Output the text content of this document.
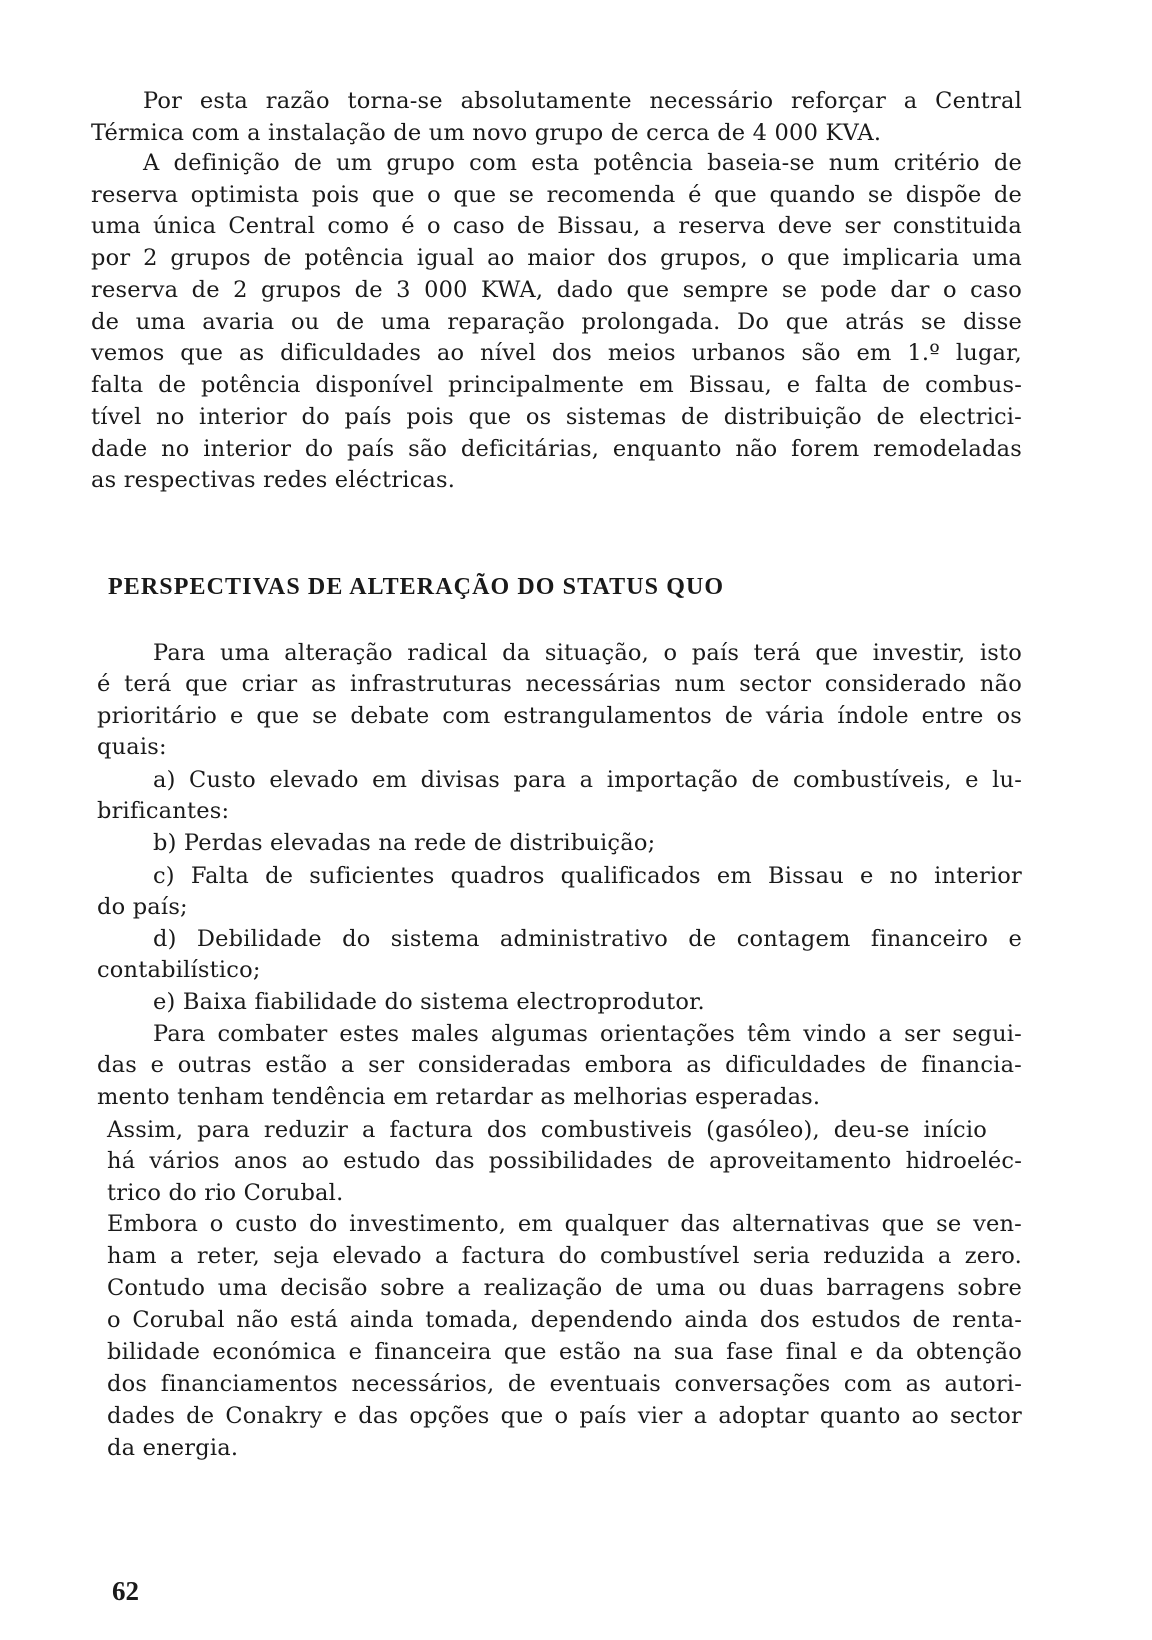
Por esta razão torna-se absolutamente necessário reforçar a Central

Térmica com a instalação de um novo grupo de cerca de 4 000 KVA.

A definição de um grupo com esta potência baseia-se num critério de

reserva optimista pois que o que se recomenda é que quando se dispõe de

uma única Central como é o caso de Bissau, a reserva deve ser constituida

por 2 grupos de potência igual ao maior dos grupos, o que implicaria uma

reserva de 2 grupos de 3 000 KWA, dado que sempre se pode dar o caso

de uma avaria ou de uma reparação prolongada. Do que atrás se disse

vemos que as dificuldades ao nível dos meios urbanos são em 1.º lugar,

falta de potência disponível principalmente em Bissau, e falta de combus-

tível no interior do país pois que os sistemas de distribuição de electrici-

dade no interior do país são deficitárias, enquanto não forem remodeladas

as respectivas redes eléctricas.

PERSPECTIVAS DE ALTERAÇÃO DO STATUS QUO

Para uma alteração radical da situação, o país terá que investir, isto

é terá que criar as infrastruturas necessárias num sector considerado não

prioritário e que se debate com estrangulamentos de vária índole entre os

quais:

a) Custo elevado em divisas para a importação de combustíveis, e lu-

brificantes:

b) Perdas elevadas na rede de distribuição;

c) Falta de suficientes quadros qualificados em Bissau e no interior

do país;

d) Debilidade do sistema administrativo de contagem financeiro e

contabilístico;

e) Baixa fiabilidade do sistema electroprodutor.

Para combater estes males algumas orientações têm vindo a ser segui-

das e outras estão a ser consideradas embora as dificuldades de financia-

mento tenham tendência em retardar as melhorias esperadas.

Assim, para reduzir a factura dos combustiveis (gasóleo), deu-se início

há vários anos ao estudo das possibilidades de aproveitamento hidroeléc-

trico do rio Corubal.

Embora o custo do investimento, em qualquer das alternativas que se ven-

ham a reter, seja elevado a factura do combustível seria reduzida a zero.

Contudo uma decisão sobre a realização de uma ou duas barragens sobre

o Corubal não está ainda tomada, dependendo ainda dos estudos de renta-

bilidade económica e financeira que estão na sua fase final e da obtenção

dos financiamentos necessários, de eventuais conversações com as autori-

dades de Conakry e das opções que o país vier a adoptar quanto ao sector

da energia.

62
